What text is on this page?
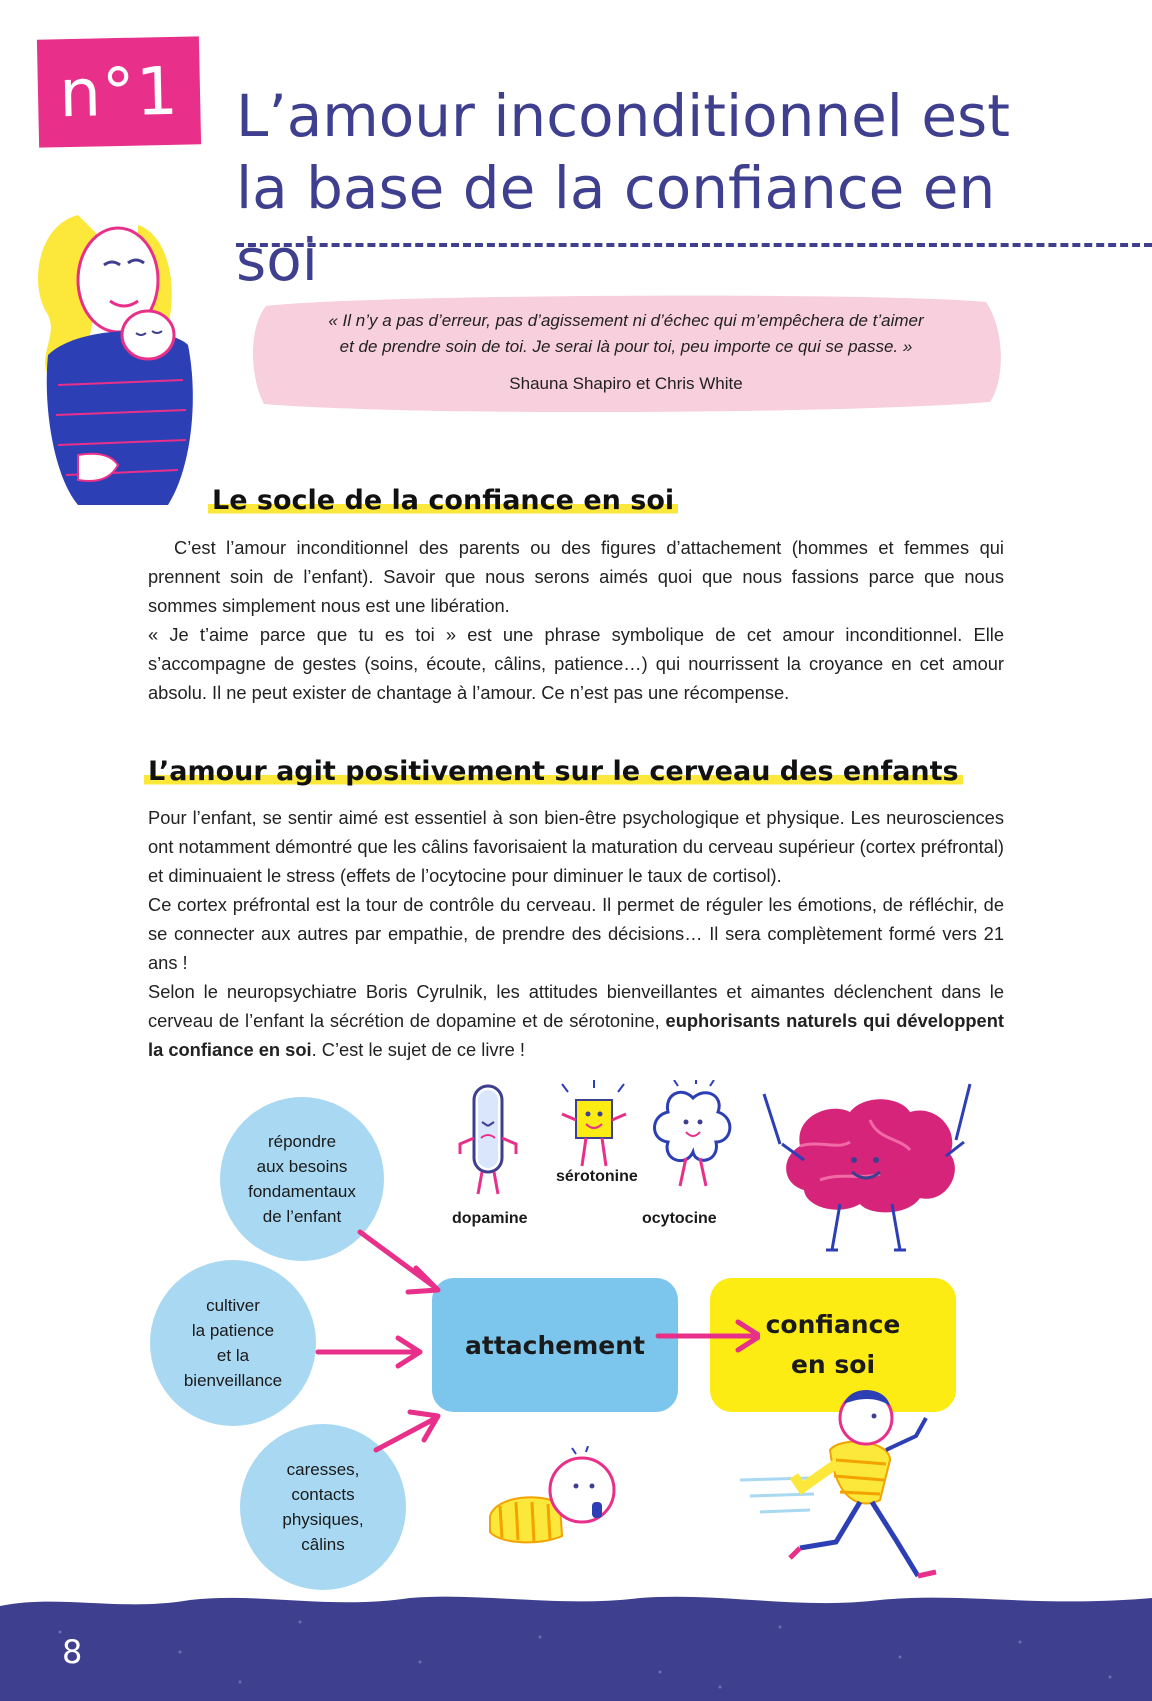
n°1 L’amour inconditionnel est
la base de la confiance en soi
« Il n’y a pas d’erreur, pas d’agissement ni d’échec qui m’empêchera de t’aimer
et de prendre soin de toi. Je serai là pour toi, peu importe ce qui se passe. »
Shauna Shapiro et Chris White
Le socle de la confiance en soi

C’est l’amour inconditionnel des parents ou des figures d’attachement (hommes et femmes qui prennent soin de l’enfant). Savoir que nous serons aimés quoi que nous fassions parce que nous sommes simplement nous est une libération.

« Je t’aime parce que tu es toi » est une phrase symbolique de cet amour inconditionnel. Elle s’accompagne de gestes (soins, écoute, câlins, patience…) qui nourrissent la croyance en cet amour absolu. Il ne peut exister de chantage à l’amour. Ce n’est pas une récompense.

L’amour agit positivement sur le cerveau des enfants

Pour l’enfant, se sentir aimé est essentiel à son bien-être psychologique et physique. Les neurosciences ont notamment démontré que les câlins favorisaient la maturation du cerveau supérieur (cortex préfrontal) et diminuaient le stress (effets de l’ocytocine pour diminuer le taux de cortisol).

Ce cortex préfrontal est la tour de contrôle du cerveau. Il permet de réguler les émotions, de réfléchir, de se connecter aux autres par empathie, de prendre des décisions… Il sera complètement formé vers 21 ans !

Selon le neuropsychiatre Boris Cyrulnik, les attitudes bienveillantes et aimantes déclenchent dans le cerveau de l’enfant la sécrétion de dopamine et de sérotonine, euphorisants naturels qui développent la confiance en soi. C’est le sujet de ce livre !

répondre
aux besoins
fondamentaux
de l’enfant
cultiver
la patience
et la
bienveillance
caresses,
contacts
physiques,
câlins
attachement
confiance
en soi
dopamine
sérotonine
ocytocine
8
